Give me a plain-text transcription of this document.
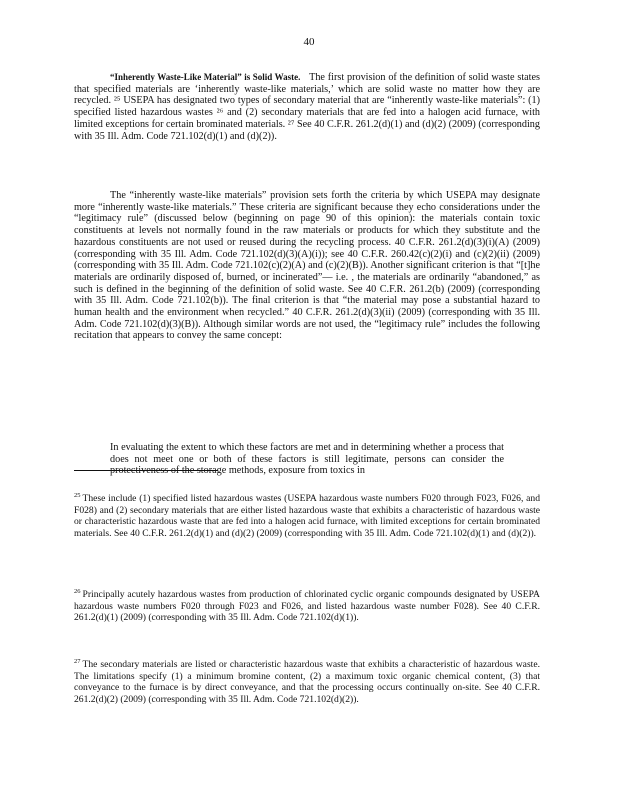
40
“Inherently Waste-Like Material” is Solid Waste. The first provision of the definition of solid waste states that specified materials are ‘inherently waste-like materials,’ which are solid waste no matter how they are recycled. ²⁵ USEPA has designated two types of secondary material that are “inherently waste-like materials”: (1) specified listed hazardous wastes ²⁶ and (2) secondary materials that are fed into a halogen acid furnace, with limited exceptions for certain brominated materials. ²⁷ See 40 C.F.R. 261.2(d)(1) and (d)(2) (2009) (corresponding with 35 Ill. Adm. Code 721.102(d)(1) and (d)(2)).
The “inherently waste-like materials” provision sets forth the criteria by which USEPA may designate more “inherently waste-like materials.” These criteria are significant because they echo considerations under the “legitimacy rule” (discussed below (beginning on page 90 of this opinion): the materials contain toxic constituents at levels not normally found in the raw materials or products for which they substitute and the hazardous constituents are not used or reused during the recycling process. 40 C.F.R. 261.2(d)(3)(i)(A) (2009) (corresponding with 35 Ill. Adm. Code 721.102(d)(3)(A)(i)); see 40 C.F.R. 260.42(c)(2)(i) and (c)(2)(ii) (2009) (corresponding with 35 Ill. Adm. Code 721.102(c)(2)(A) and (c)(2)(B)). Another significant criterion is that “[t]he materials are ordinarily disposed of, burned, or incinerated”— i.e. , the materials are ordinarily “abandoned,” as such is defined in the beginning of the definition of solid waste. See 40 C.F.R. 261.2(b) (2009) (corresponding with 35 Ill. Adm. Code 721.102(b)). The final criterion is that “the material may pose a substantial hazard to human health and the environment when recycled.” 40 C.F.R. 261.2(d)(3)(ii) (2009) (corresponding with 35 Ill. Adm. Code 721.102(d)(3)(B)). Although similar words are not used, the “legitimacy rule” includes the following recitation that appears to convey the same concept:
In evaluating the extent to which these factors are met and in determining whether a process that does not meet one or both of these factors is still legitimate, persons can consider the protectiveness of the storage methods, exposure from toxics in
$^{25}$ These include (1) specified listed hazardous wastes (USEPA hazardous waste numbers F020 through F023, F026, and F028) and (2) secondary materials that are either listed hazardous waste that exhibits a characteristic of hazardous waste or characteristic hazardous waste that are fed into a halogen acid furnace, with limited exceptions for certain brominated materials. See 40 C.F.R. 261.2(d)(1) and (d)(2) (2009) (corresponding with 35 Ill. Adm. Code 721.102(d)(1) and (d)(2)).
$^{26}$ Principally acutely hazardous wastes from production of chlorinated cyclic organic compounds designated by USEPA hazardous waste numbers F020 through F023 and F026, and listed hazardous waste number F028). See 40 C.F.R. 261.2(d)(1) (2009) (corresponding with 35 Ill. Adm. Code 721.102(d)(1)).
$^{27}$ The secondary materials are listed or characteristic hazardous waste that exhibits a characteristic of hazardous waste. The limitations specify (1) a minimum bromine content, (2) a maximum toxic organic chemical content, (3) that conveyance to the furnace is by direct conveyance, and that the processing occurs continually on-site. See 40 C.F.R. 261.2(d)(2) (2009) (corresponding with 35 Ill. Adm. Code 721.102(d)(2)).
